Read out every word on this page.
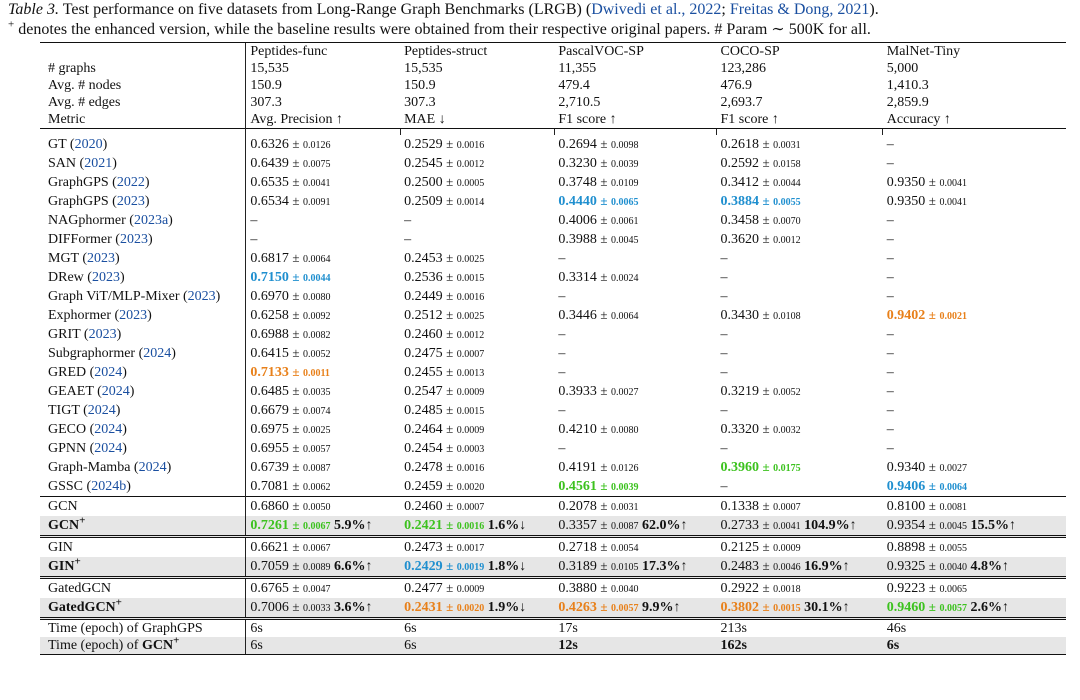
Table 3. Test performance on five datasets from Long-Range Graph Benchmarks (LRGB) (Dwivedi et al., 2022; Freitas & Dong, 2021).
+ denotes the enhanced version, while the baseline results were obtained from their respective original papers. # Param ∼ 500K for all.
	Peptides-func	Peptides-struct	PascalVOC-SP	COCO-SP	MalNet-Tiny
# graphs	15,535	15,535	11,355	123,286	5,000
Avg. # nodes	150.9	150.9	479.4	476.9	1,410.3
Avg. # edges	307.3	307.3	2,710.5	2,693.7	2,859.9
Metric	Avg. Precision ↑	MAE ↓	F1 score ↑	F1 score ↑	Accuracy ↑

GT (2020)	0.6326 ± 0.0126	0.2529 ± 0.0016	0.2694 ± 0.0098	0.2618 ± 0.0031	–
SAN (2021)	0.6439 ± 0.0075	0.2545 ± 0.0012	0.3230 ± 0.0039	0.2592 ± 0.0158	–
GraphGPS (2022)	0.6535 ± 0.0041	0.2500 ± 0.0005	0.3748 ± 0.0109	0.3412 ± 0.0044	0.9350 ± 0.0041
GraphGPS (2023)	0.6534 ± 0.0091	0.2509 ± 0.0014	0.4440 ± 0.0065	0.3884 ± 0.0055	0.9350 ± 0.0041
NAGphormer (2023a)	–	–	0.4006 ± 0.0061	0.3458 ± 0.0070	–
DIFFormer (2023)	–	–	0.3988 ± 0.0045	0.3620 ± 0.0012	–
MGT (2023)	0.6817 ± 0.0064	0.2453 ± 0.0025	–	–	–
DRew (2023)	0.7150 ± 0.0044	0.2536 ± 0.0015	0.3314 ± 0.0024	–	–
Graph ViT/MLP-Mixer (2023)	0.6970 ± 0.0080	0.2449 ± 0.0016	–	–	–
Exphormer (2023)	0.6258 ± 0.0092	0.2512 ± 0.0025	0.3446 ± 0.0064	0.3430 ± 0.0108	0.9402 ± 0.0021
GRIT (2023)	0.6988 ± 0.0082	0.2460 ± 0.0012	–	–	–
Subgraphormer (2024)	0.6415 ± 0.0052	0.2475 ± 0.0007	–	–	–
GRED (2024)	0.7133 ± 0.0011	0.2455 ± 0.0013	–	–	–
GEAET (2024)	0.6485 ± 0.0035	0.2547 ± 0.0009	0.3933 ± 0.0027	0.3219 ± 0.0052	–
TIGT (2024)	0.6679 ± 0.0074	0.2485 ± 0.0015	–	–	–
GECO (2024)	0.6975 ± 0.0025	0.2464 ± 0.0009	0.4210 ± 0.0080	0.3320 ± 0.0032	–
GPNN (2024)	0.6955 ± 0.0057	0.2454 ± 0.0003	–	–	–
Graph-Mamba (2024)	0.6739 ± 0.0087	0.2478 ± 0.0016	0.4191 ± 0.0126	0.3960 ± 0.0175	0.9340 ± 0.0027
GSSC (2024b)	0.7081 ± 0.0062	0.2459 ± 0.0020	0.4561 ± 0.0039	–	0.9406 ± 0.0064
GCN	0.6860 ± 0.0050	0.2460 ± 0.0007	0.2078 ± 0.0031	0.1338 ± 0.0007	0.8100 ± 0.0081
GCN+	0.7261 ± 0.0067 5.9%↑	0.2421 ± 0.0016 1.6%↓	0.3357 ± 0.0087 62.0%↑	0.2733 ± 0.0041 104.9%↑	0.9354 ± 0.0045 15.5%↑
GIN	0.6621 ± 0.0067	0.2473 ± 0.0017	0.2718 ± 0.0054	0.2125 ± 0.0009	0.8898 ± 0.0055
GIN+	0.7059 ± 0.0089 6.6%↑	0.2429 ± 0.0019 1.8%↓	0.3189 ± 0.0105 17.3%↑	0.2483 ± 0.0046 16.9%↑	0.9325 ± 0.0040 4.8%↑
GatedGCN	0.6765 ± 0.0047	0.2477 ± 0.0009	0.3880 ± 0.0040	0.2922 ± 0.0018	0.9223 ± 0.0065
GatedGCN+	0.7006 ± 0.0033 3.6%↑	0.2431 ± 0.0020 1.9%↓	0.4263 ± 0.0057 9.9%↑	0.3802 ± 0.0015 30.1%↑	0.9460 ± 0.0057 2.6%↑
Time (epoch) of GraphGPS	6s	6s	17s	213s	46s
Time (epoch) of GCN+	6s	6s	12s	162s	6s
